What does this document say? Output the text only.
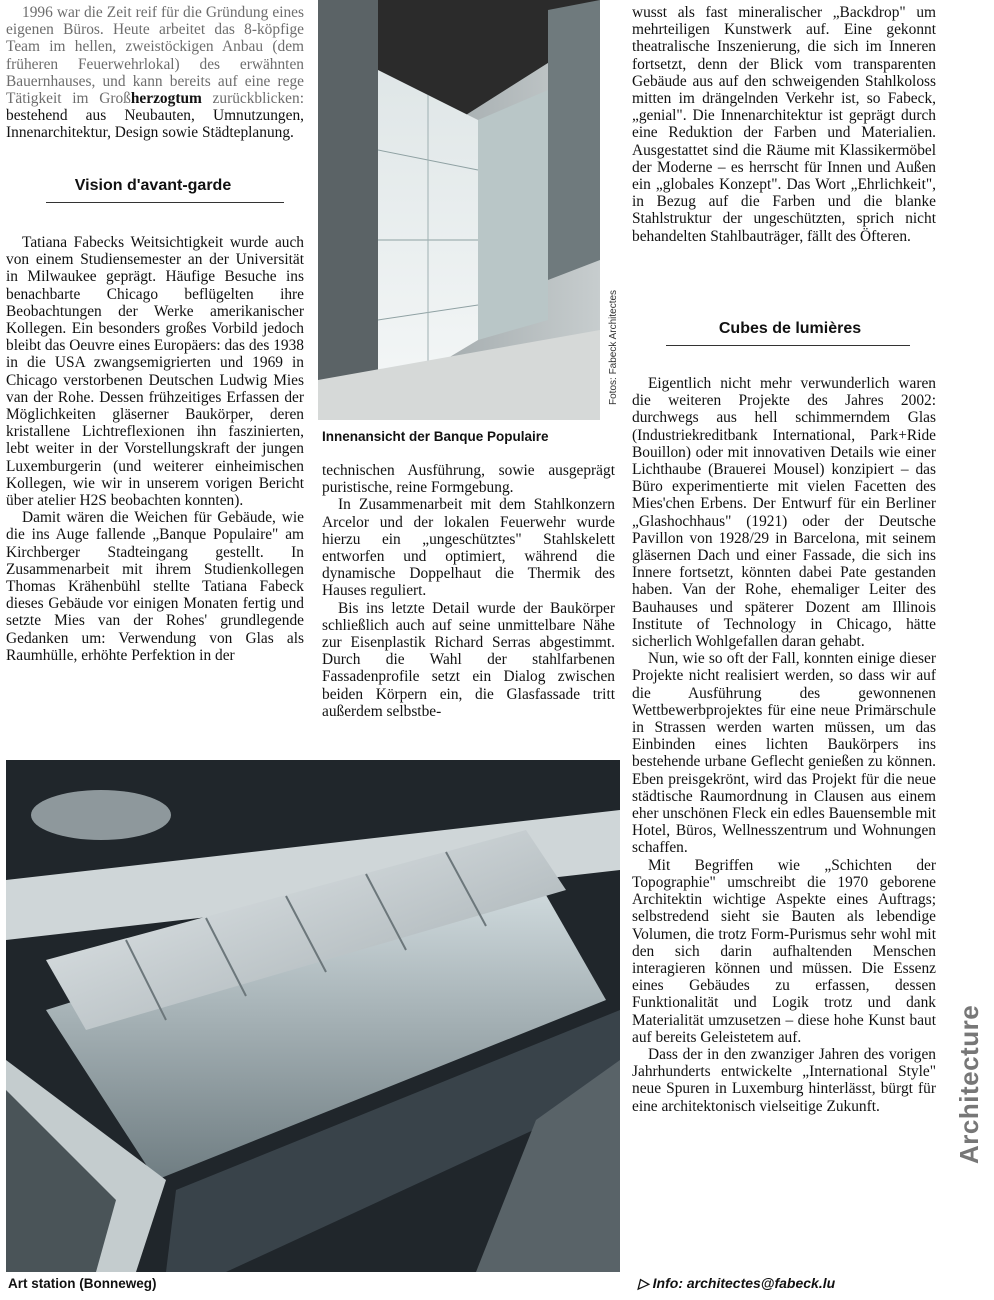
1996 war die Zeit reif für die Gründung eines eigenen Büros. Heute arbeitet das 8-köpfige Team im hellen, zweistöckigen Anbau (dem früheren Feuerwehrlokal) des erwähnten Bauernhauses, und kann bereits auf eine rege Tätigkeit im Großherzogtum zurückblicken: bestehend aus Neubauten, Umnutzungen, Innenarchitektur, Design sowie Städteplanung.

Vision d'avant-garde

Tatiana Fabecks Weitsichtigkeit wurde auch von einem Studiensemester an der Universität in Milwaukee geprägt. Häufige Besuche ins benachbarte Chicago beflügelten ihre Beobachtungen der Werke amerikanischer Kollegen. Ein besonders großes Vorbild jedoch bleibt das Oeuvre eines Europäers: das des 1938 in die USA zwangsemigrierten und 1969 in Chicago verstorbenen Deutschen Ludwig Mies van der Rohe. Dessen frühzeitiges Erfassen der Möglichkeiten gläserner Baukörper, deren kristallene Lichtreflexionen ihn faszinierten, lebt weiter in der Vorstellungskraft der jungen Luxemburgerin (und weiterer einheimischen Kollegen, wie wir in unserem vorigen Bericht über atelier H2S beobachten konnten).

Damit wären die Weichen für Gebäude, wie die ins Auge fallende „Banque Populaire" am Kirchberger Stadteingang gestellt. In Zusammenarbeit mit ihrem Studienkollegen Thomas Krähenbühl stellte Tatiana Fabeck dieses Gebäude vor einigen Monaten fertig und setzte Mies van der Rohes' grundlegende Gedanken um: Verwendung von Glas als Raumhülle, erhöhte Perfektion in der

Fotos: Fabeck Architectes
Innenansicht der Banque Populaire

technischen Ausführung, sowie ausgeprägt puristische, reine Formgebung.

In Zusammenarbeit mit dem Stahlkonzern Arcelor und der lokalen Feuerwehr wurde hierzu ein „ungeschütztes" Stahlskelett entworfen und optimiert, während die dynamische Doppelhaut die Thermik des Hauses reguliert.

Bis ins letzte Detail wurde der Baukörper schließlich auch auf seine unmittelbare Nähe zur Eisenplastik Richard Serras abgestimmt. Durch die Wahl der stahlfarbenen Fassadenprofile setzt ein Dialog zwischen beiden Körpern ein, die Glasfassade tritt außerdem selbstbe-

wusst als fast mineralischer „Backdrop" um mehrteiligen Kunstwerk auf. Eine gekonnt theatralische Inszenierung, die sich im Inneren fortsetzt, denn der Blick vom transparenten Gebäude aus auf den schweigenden Stahlkoloss mitten im drängelnden Verkehr ist, so Fabeck, „genial". Die Innenarchitektur ist geprägt durch eine Reduktion der Farben und Materialien. Ausgestattet sind die Räume mit Klassikermöbel der Moderne – es herrscht für Innen und Außen ein „globales Konzept". Das Wort „Ehrlichkeit", in Bezug auf die Farben und die blanke Stahlstruktur der ungeschützten, sprich nicht behandelten Stahlbauträger, fällt des Öfteren.

Cubes de lumières

Eigentlich nicht mehr verwunderlich waren die weiteren Projekte des Jahres 2002: durchwegs aus hell schimmerndem Glas (Industriekreditbank International, Park+Ride Bouillon) oder mit innovativen Details wie einer Lichthaube (Brauerei Mousel) konzipiert – das Büro experimentierte mit vielen Facetten des Mies'chen Erbens. Der Entwurf für ein Berliner „Glashochhaus" (1921) oder der Deutsche Pavillon von 1928/29 in Barcelona, mit seinem gläsernen Dach und einer Fassade, die sich ins Innere fortsetzt, könnten dabei Pate gestanden haben. Van der Rohe, ehemaliger Leiter des Bauhauses und späterer Dozent am Illinois Institute of Technology in Chicago, hätte sicherlich Wohlgefallen daran gehabt.

Nun, wie so oft der Fall, konnten einige dieser Projekte nicht realisiert werden, so dass wir auf die Ausführung des gewonnenen Wettbewerbprojektes für eine neue Primärschule in Strassen werden warten müssen, um das Einbinden eines lichten Baukörpers ins bestehende urbane Geflecht genießen zu können. Eben preisgekrönt, wird das Projekt für die neue städtische Raumordnung in Clausen aus einem eher unschönen Fleck ein edles Bauensemble mit Hotel, Büros, Wellnesszentrum und Wohnungen schaffen.

Mit Begriffen wie „Schichten der Topographie" umschreibt die 1970 geborene Architektin wichtige Aspekte eines Auftrags; selbstredend sieht sie Bauten als lebendige Volumen, die trotz Form-Purismus sehr wohl mit den sich darin aufhaltenden Menschen interagieren können und müssen. Die Essenz eines Gebäudes zu erfassen, dessen Funktionalität und Logik trotz und dank Materialität umzusetzen – diese hohe Kunst baut auf bereits Geleistetem auf.

Dass der in den zwanziger Jahren des vorigen Jahrhunderts entwickelte „International Style" neue Spuren in Luxemburg hinterlässt, bürgt für eine architektonisch vielseitige Zukunft.

Art station (Bonneweg)	▷ Info: architectes@fabeck.lu
Architecture
